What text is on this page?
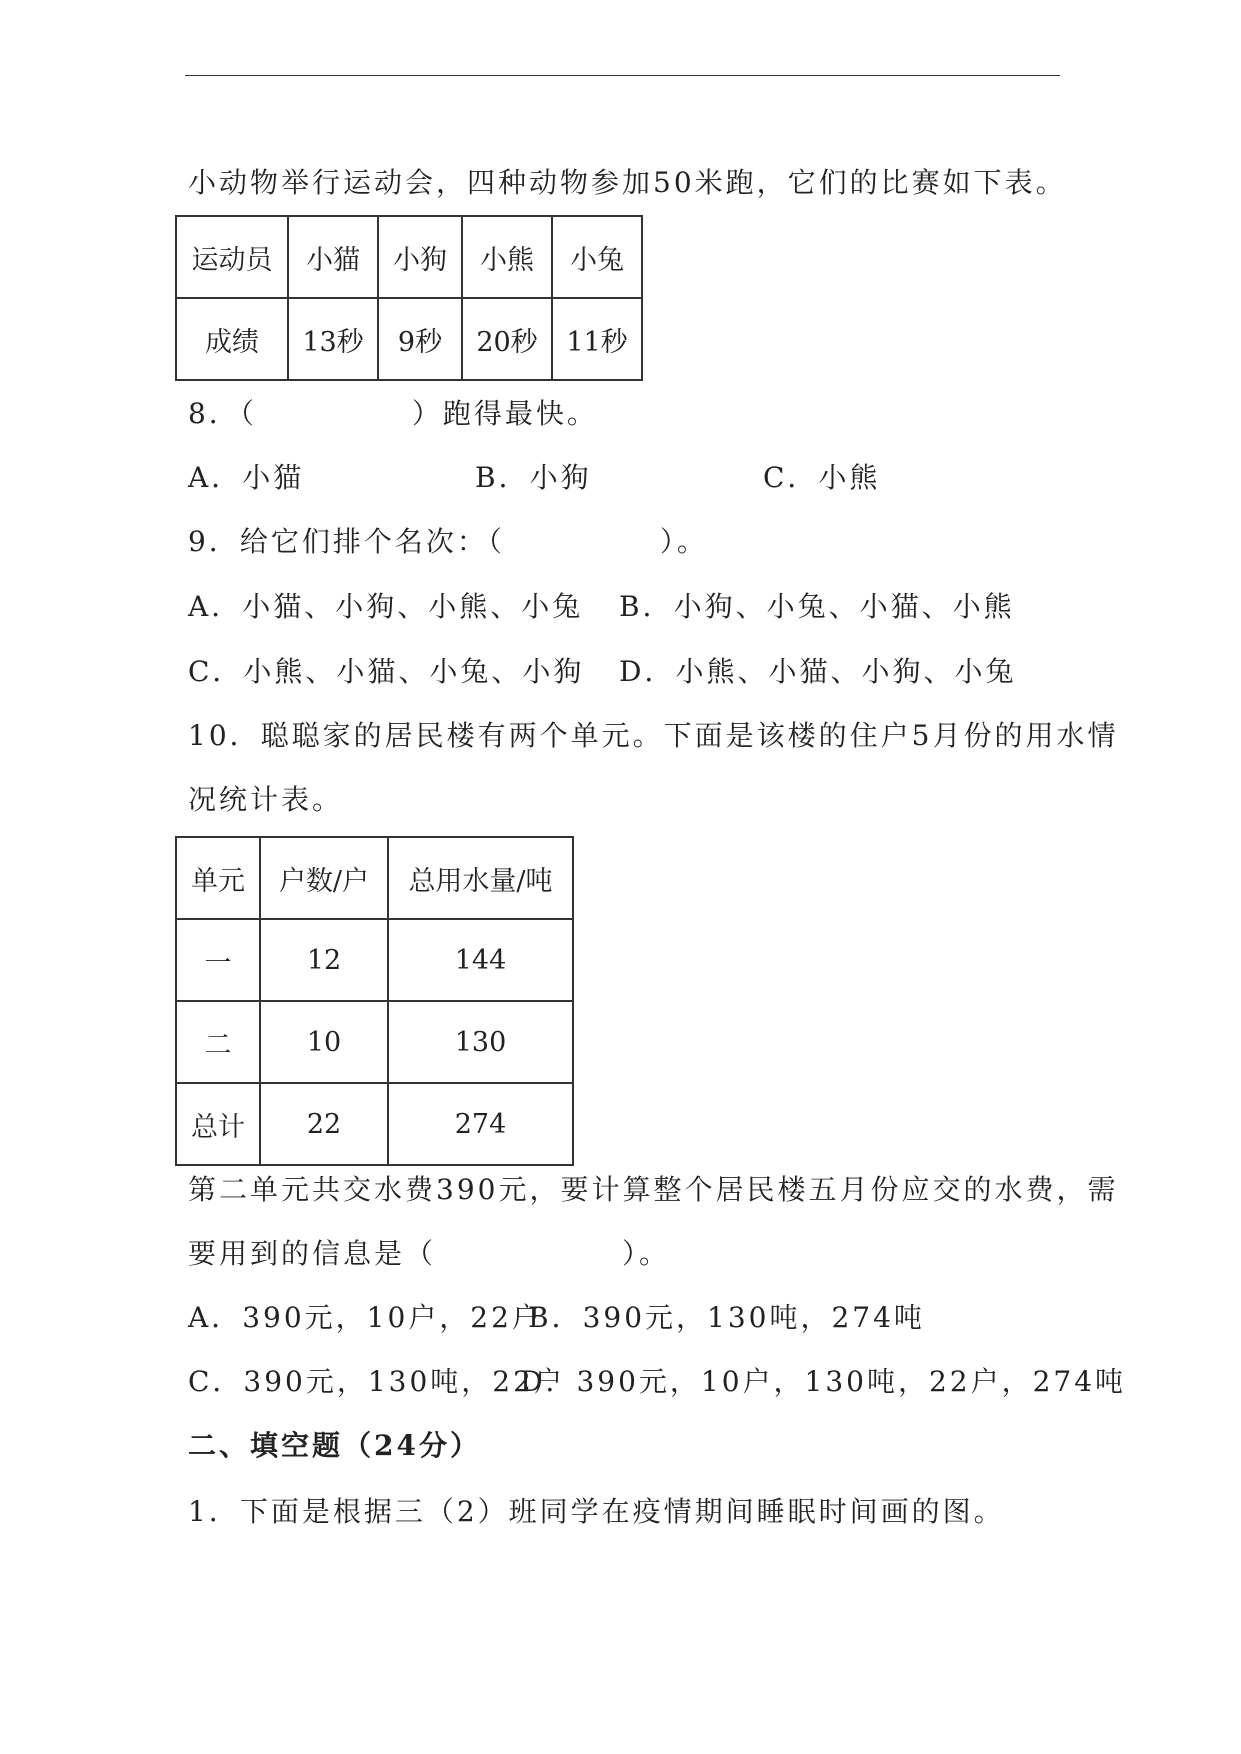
小动物举行运动会，四种动物参加50米跑，它们的比赛如下表。
运动员	小猫	小狗	小熊	小兔
成绩	13秒	9秒	20秒	11秒
8．（　　　　　）跑得最快。
A．小猫	B．小狗	C．小熊
9．给它们排个名次：（　　　　　）。
A．小猫、小狗、小熊、小兔 B．小狗、小兔、小猫、小熊
C．小熊、小猫、小兔、小狗 D．小熊、小猫、小狗、小兔
10．聪聪家的居民楼有两个单元。下面是该楼的住户5月份的用水情
况统计表。
单元	户数/户	总用水量/吨
一	12	144
二	10	130
总计	22	274
第二单元共交水费390元，要计算整个居民楼五月份应交的水费，需
要用到的信息是（　　　　　　）。
A．390元，10户，22户
B．390元，130吨，274吨
C．390元，130吨，22户
D．390元，10户，130吨，22户，274吨
二、填空题（24分）
1．下面是根据三（2）班同学在疫情期间睡眠时间画的图。
